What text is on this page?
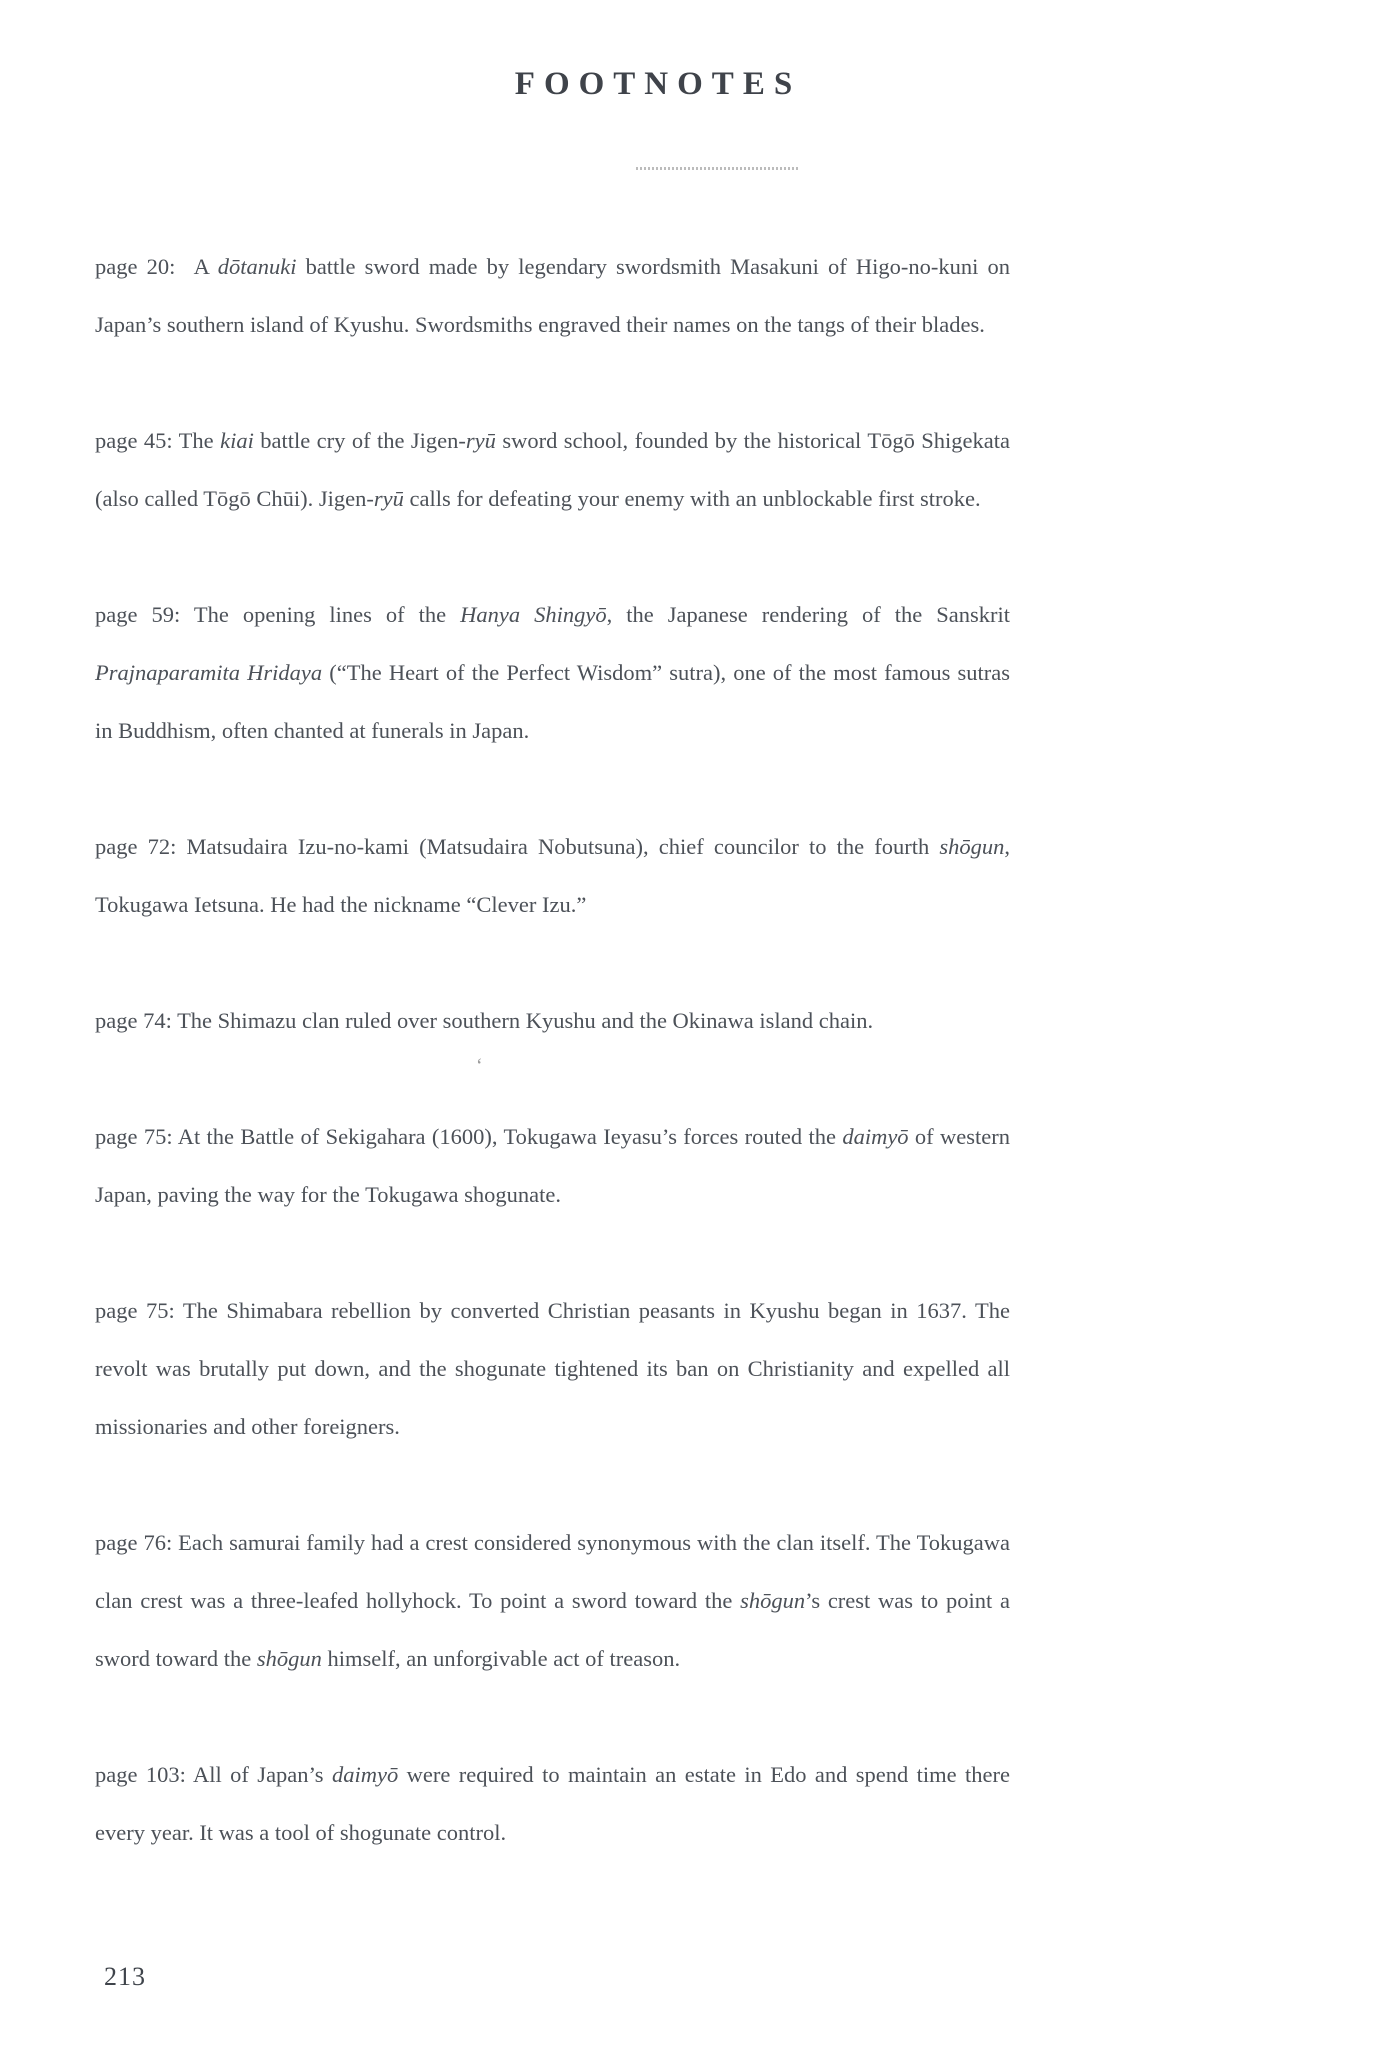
FOOTNOTES

page 20:  A dōtanuki battle sword made by legendary swordsmith Masakuni of Higo-no-kuni on Japan’s southern island of Kyushu. Swordsmiths engraved their names on the tangs of their blades.

page 45: The kiai battle cry of the Jigen-ryū sword school, founded by the historical Tōgō Shigekata (also called Tōgō Chūi). Jigen-ryū calls for defeating your enemy with an unblockable first stroke.

page 59: The opening lines of the Hanya Shingyō, the Japanese rendering of the Sanskrit Prajnaparamita Hridaya (“The Heart of the Perfect Wisdom” sutra), one of the most famous sutras in Buddhism, often chanted at funerals in Japan.

page 72: Matsudaira Izu-no-kami (Matsudaira Nobutsuna), chief councilor to the fourth shōgun, Tokugawa Ietsuna. He had the nickname “Clever Izu.”

page 74: The Shimazu clan ruled over southern Kyushu and the Okinawa island chain.

page 75: At the Battle of Sekigahara (1600), Tokugawa Ieyasu’s forces routed the daimyō of western Japan, paving the way for the Tokugawa shogunate.

page 75: The Shimabara rebellion by converted Christian peasants in Kyushu began in 1637. The revolt was brutally put down, and the shogunate tightened its ban on Christianity and expelled all missionaries and other foreigners.

page 76: Each samurai family had a crest considered synonymous with the clan itself. The Tokugawa clan crest was a three-leafed hollyhock. To point a sword toward the shōgun’s crest was to point a sword toward the shōgun himself, an unforgivable act of treason.

page 103: All of Japan’s daimyō were required to maintain an estate in Edo and spend time there every year. It was a tool of shogunate control.

ʻ
213
